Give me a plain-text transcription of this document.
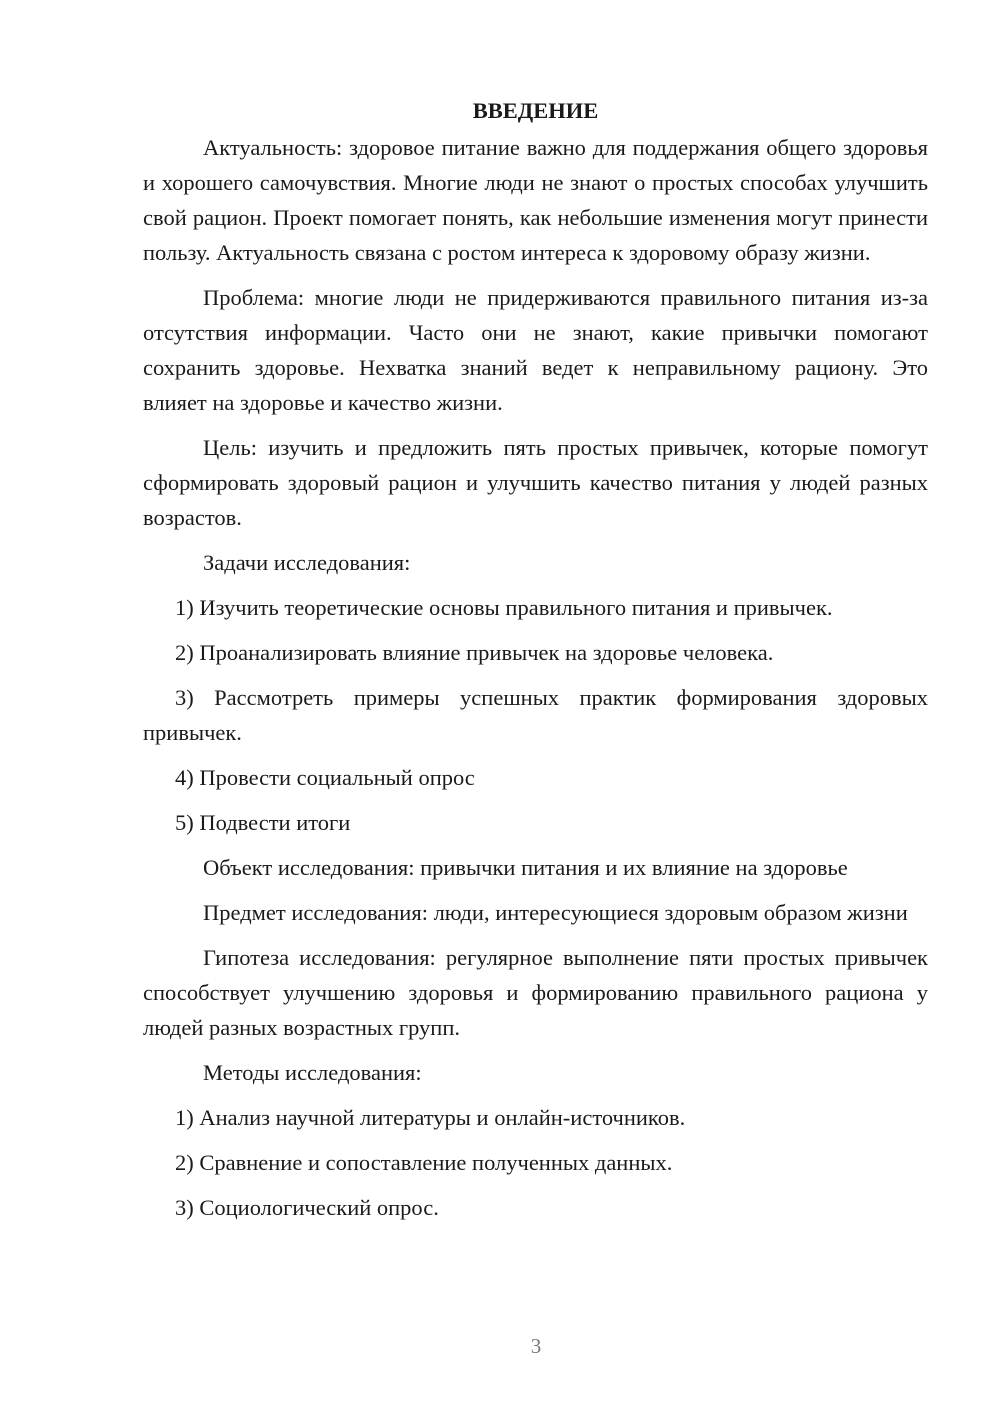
ВВЕДЕНИЕ

Актуальность: здоровое питание важно для поддержания общего здоровья и хорошего самочувствия. Многие люди не знают о простых способах улучшить свой рацион. Проект помогает понять, как небольшие изменения могут принести пользу. Актуальность связана с ростом интереса к здоровому образу жизни.

Проблема: многие люди не придерживаются правильного питания из-за отсутствия информации. Часто они не знают, какие привычки помогают сохранить здоровье. Нехватка знаний ведет к неправильному рациону. Это влияет на здоровье и качество жизни.

Цель: изучить и предложить пять простых привычек, которые помогут сформировать здоровый рацион и улучшить качество питания у людей разных возрастов.

Задачи исследования:

1) Изучить теоретические основы правильного питания и привычек.

2) Проанализировать влияние привычек на здоровье человека.

3) Рассмотреть примеры успешных практик формирования здоровых привычек.

4) Провести социальный опрос

5) Подвести итоги

Объект исследования: привычки питания и их влияние на здоровье

Предмет исследования: люди, интересующиеся здоровым образом жизни

Гипотеза исследования: регулярное выполнение пяти простых привычек способствует улучшению здоровья и формированию правильного рациона у людей разных возрастных групп.

Методы исследования:

1) Анализ научной литературы и онлайн-источников.

2) Сравнение и сопоставление полученных данных.

3) Социологический опрос.

3
